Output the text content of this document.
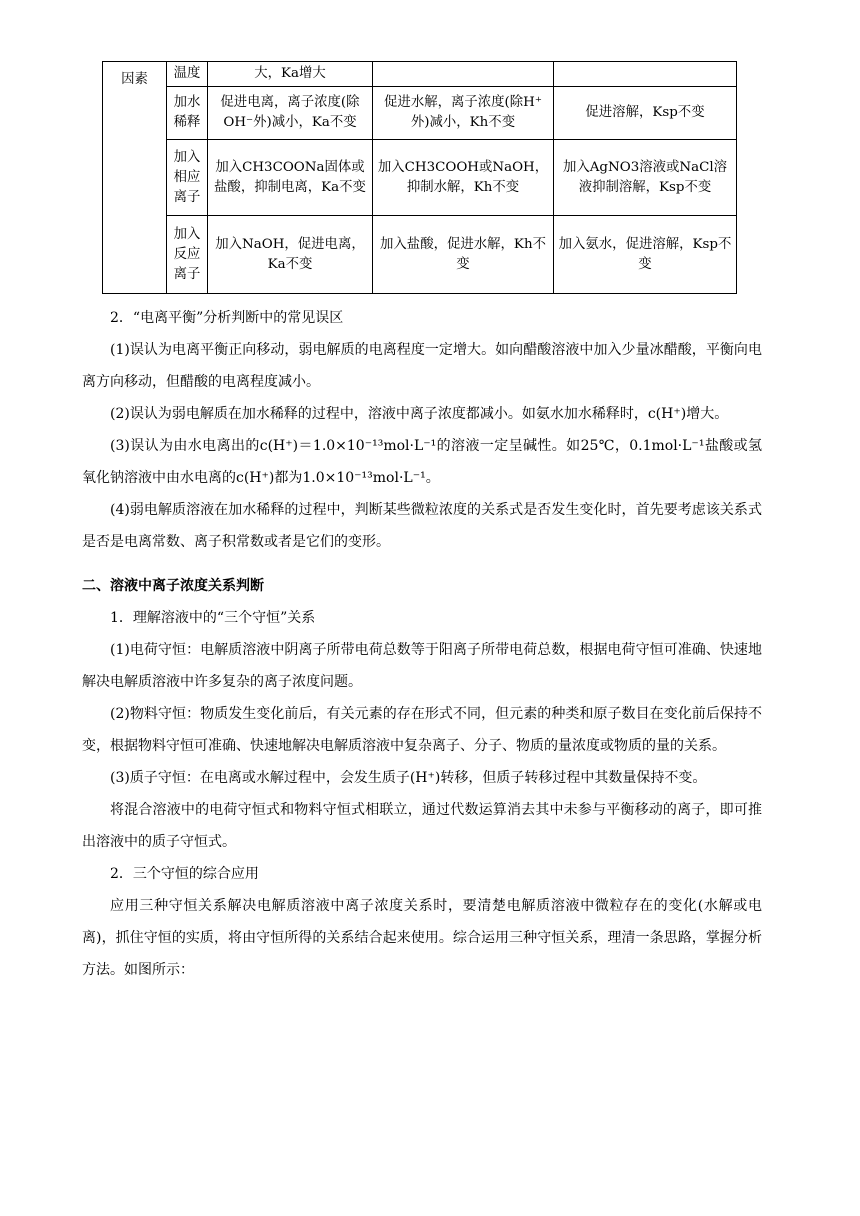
因素	温度	大，Ka增大		
	加水稀释	促进电离，离子浓度(除OH⁻外)减小，Ka不变	促进水解，离子浓度(除H⁺外)减小，Kh不变	促进溶解，Ksp不变
	加入相应离子	加入CH3COONa固体或盐酸，抑制电离，Ka不变	加入CH3COOH或NaOH，抑制水解，Kh不变	加入AgNO3溶液或NaCl溶液抑制溶解，Ksp不变
	加入反应离子	加入NaOH，促进电离，Ka不变	加入盐酸，促进水解，Kh不变	加入氨水，促进溶解，Ksp不变

2．“电离平衡”分析判断中的常见误区

(1)误认为电离平衡正向移动，弱电解质的电离程度一定增大。如向醋酸溶液中加入少量冰醋酸，平衡向电离方向移动，但醋酸的电离程度减小。

(2)误认为弱电解质在加水稀释的过程中，溶液中离子浓度都减小。如氨水加水稀释时，c(H⁺)增大。

(3)误认为由水电离出的c(H⁺)＝1.0×10⁻¹³mol·L⁻¹的溶液一定呈碱性。如25℃，0.1mol·L⁻¹盐酸或氢氧化钠溶液中由水电离的c(H⁺)都为1.0×10⁻¹³mol·L⁻¹。

(4)弱电解质溶液在加水稀释的过程中，判断某些微粒浓度的关系式是否发生变化时，首先要考虑该关系式是否是电离常数、离子积常数或者是它们的变形。

二、溶液中离子浓度关系判断

1．理解溶液中的“三个守恒”关系

(1)电荷守恒：电解质溶液中阴离子所带电荷总数等于阳离子所带电荷总数，根据电荷守恒可准确、快速地解决电解质溶液中许多复杂的离子浓度问题。

(2)物料守恒：物质发生变化前后，有关元素的存在形式不同，但元素的种类和原子数目在变化前后保持不变，根据物料守恒可准确、快速地解决电解质溶液中复杂离子、分子、物质的量浓度或物质的量的关系。

(3)质子守恒：在电离或水解过程中，会发生质子(H⁺)转移，但质子转移过程中其数量保持不变。

将混合溶液中的电荷守恒式和物料守恒式相联立，通过代数运算消去其中未参与平衡移动的离子，即可推出溶液中的质子守恒式。

2．三个守恒的综合应用

应用三种守恒关系解决电解质溶液中离子浓度关系时，要清楚电解质溶液中微粒存在的变化(水解或电离)，抓住守恒的实质，将由守恒所得的关系结合起来使用。综合运用三种守恒关系，理清一条思路，掌握分析方法。如图所示：
